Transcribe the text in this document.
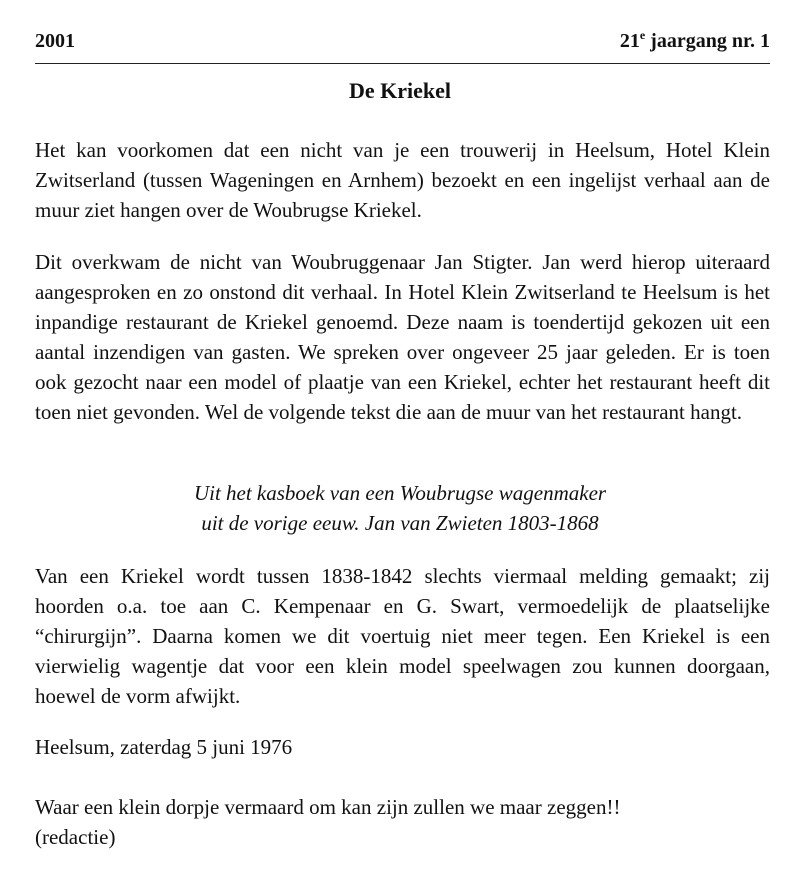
2001	21e jaargang nr. 1
De Kriekel

Het kan voorkomen dat een nicht van je een trouwerij in Heelsum, Hotel Klein Zwitserland (tussen Wageningen en Arnhem) bezoekt en een ingelijst verhaal aan de muur ziet hangen over de Woubrugse Kriekel.

Dit overkwam de nicht van Woubruggenaar Jan Stigter. Jan werd hierop uiteraard aangesproken en zo onstond dit verhaal. In Hotel Klein Zwitserland te Heelsum is het inpandige restaurant de Kriekel genoemd. Deze naam is toendertijd gekozen uit een aantal inzendigen van gasten. We spreken over ongeveer 25 jaar geleden. Er is toen ook gezocht naar een model of plaatje van een Kriekel, echter het restaurant heeft dit toen niet gevonden. Wel de volgende tekst die aan de muur van het restaurant hangt.

Uit het kasboek van een Woubrugse wagenmaker
uit de vorige eeuw. Jan van Zwieten 1803-1868

Van een Kriekel wordt tussen 1838-1842 slechts viermaal melding gemaakt; zij hoorden o.a. toe aan C. Kempenaar en G. Swart, vermoedelijk de plaatselijke “chirurgijn”. Daarna komen we dit voertuig niet meer tegen. Een Kriekel is een vierwielig wagentje dat voor een klein model speelwagen zou kunnen doorgaan, hoewel de vorm afwijkt.

Heelsum, zaterdag 5 juni 1976

Waar een klein dorpje vermaard om kan zijn zullen we maar zeggen!!
(redactie)
